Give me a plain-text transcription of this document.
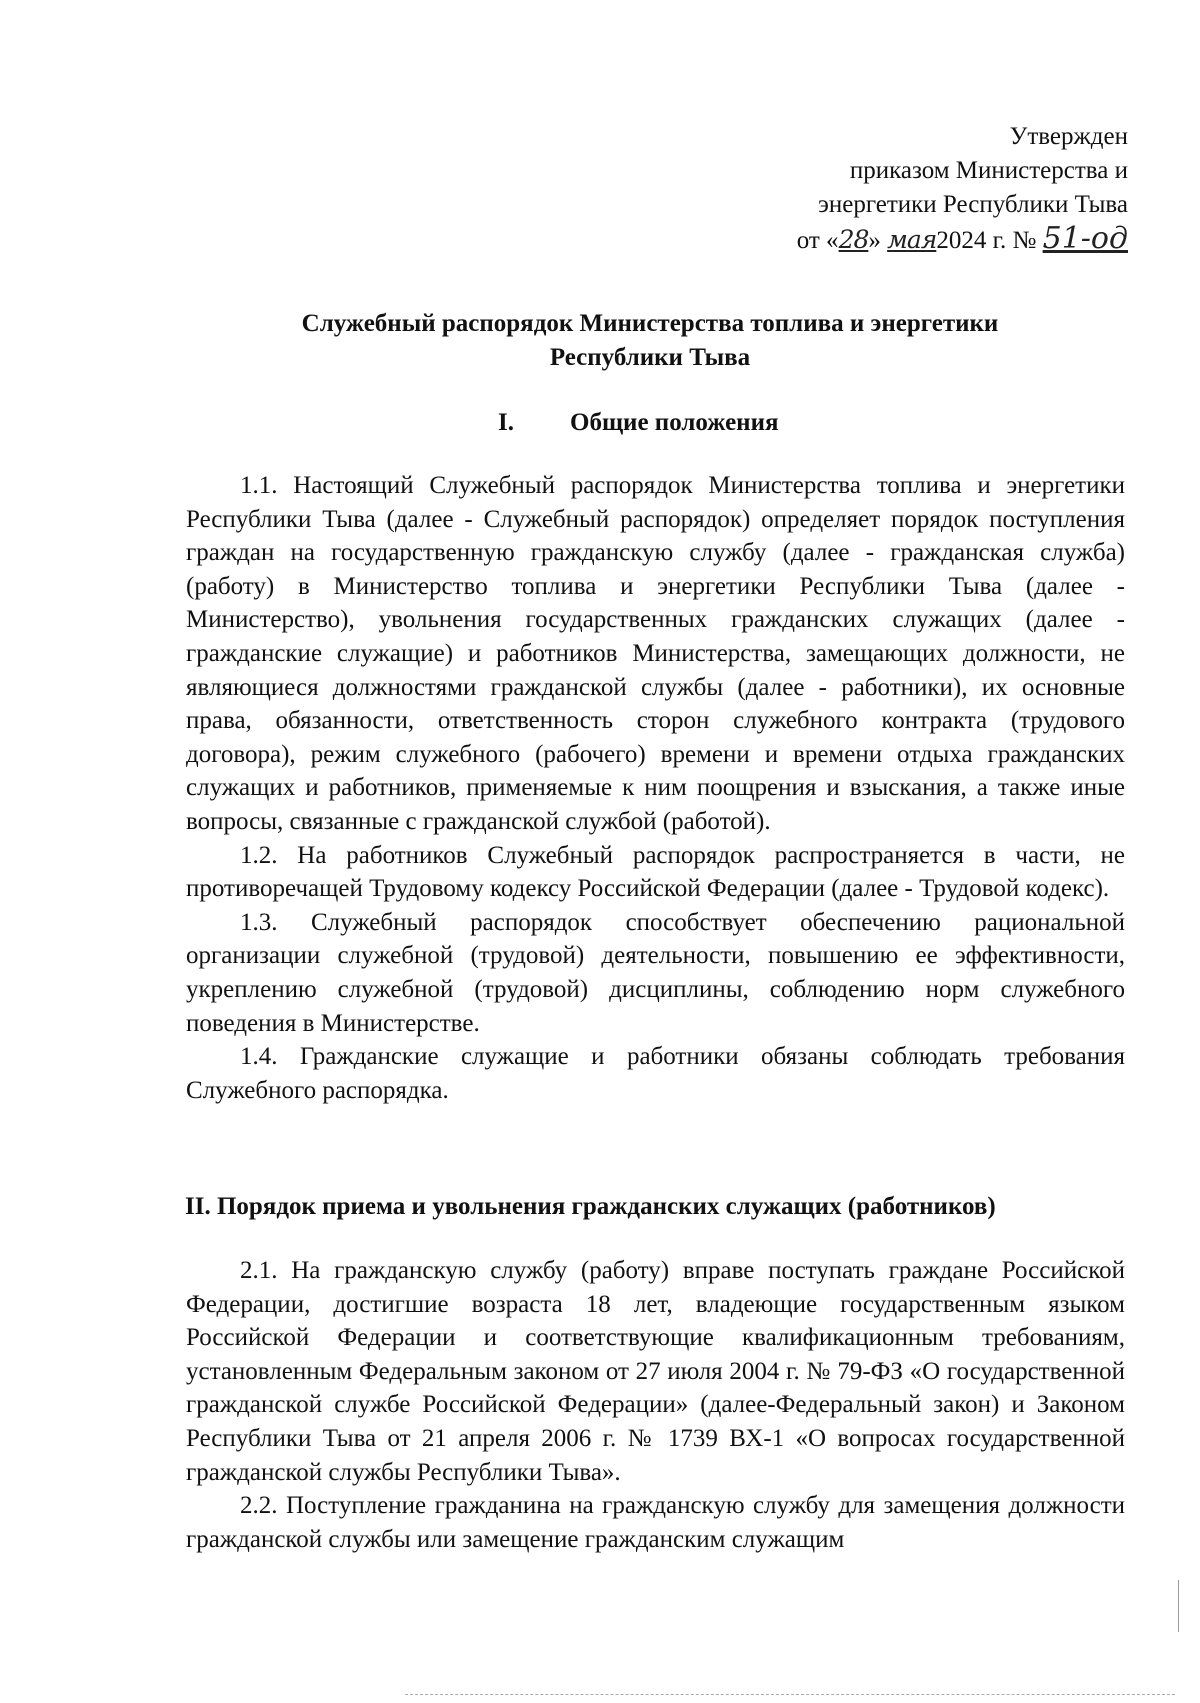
Утвержден
приказом Министерства и
энергетики Республики Тыва
от «28» мая2024 г. № 51-од
Служебный распорядок Министерства топлива и энергетики
Республики Тыва
I. Общие положения

1.1. Настоящий Служебный распорядок Министерства топлива и энергетики Республики Тыва (далее - Служебный распорядок) определяет порядок поступления граждан на государственную гражданскую службу (далее - гражданская служба) (работу) в Министерство топлива и энергетики Республики Тыва (далее - Министерство), увольнения государственных гражданских служащих (далее - гражданские служащие) и работников Министерства, замещающих должности, не являющиеся должностями гражданской службы (далее - работники), их основные права, обязанности, ответственность сторон служебного контракта (трудового договора), режим служебного (рабочего) времени и времени отдыха гражданских служащих и работников, применяемые к ним поощрения и взыскания, а также иные вопросы, связанные с гражданской службой (работой).

1.2. На работников Служебный распорядок распространяется в части, не противоречащей Трудовому кодексу Российской Федерации (далее - Трудовой кодекс).

1.3. Служебный распорядок способствует обеспечению рациональной организации служебной (трудовой) деятельности, повышению ее эффективности, укреплению служебной (трудовой) дисциплины, соблюдению норм служебного поведения в Министерстве.

1.4. Гражданские служащие и работники обязаны соблюдать требования Служебного распорядка.

II. Порядок приема и увольнения гражданских служащих (работников)

2.1. На гражданскую службу (работу) вправе поступать граждане Российской Федерации, достигшие возраста 18 лет, владеющие государственным языком Российской Федерации и соответствующие квалификационным требованиям, установленным Федеральным законом от 27 июля 2004 г. № 79-ФЗ «О государственной гражданской службе Российской Федерации» (далее-Федеральный закон) и Законом Республики Тыва от 21 апреля 2006 г. № 1739 ВХ-1 «О вопросах государственной гражданской службы Республики Тыва».

2.2. Поступление гражданина на гражданскую службу для замещения должности гражданской службы или замещение гражданским служащим
